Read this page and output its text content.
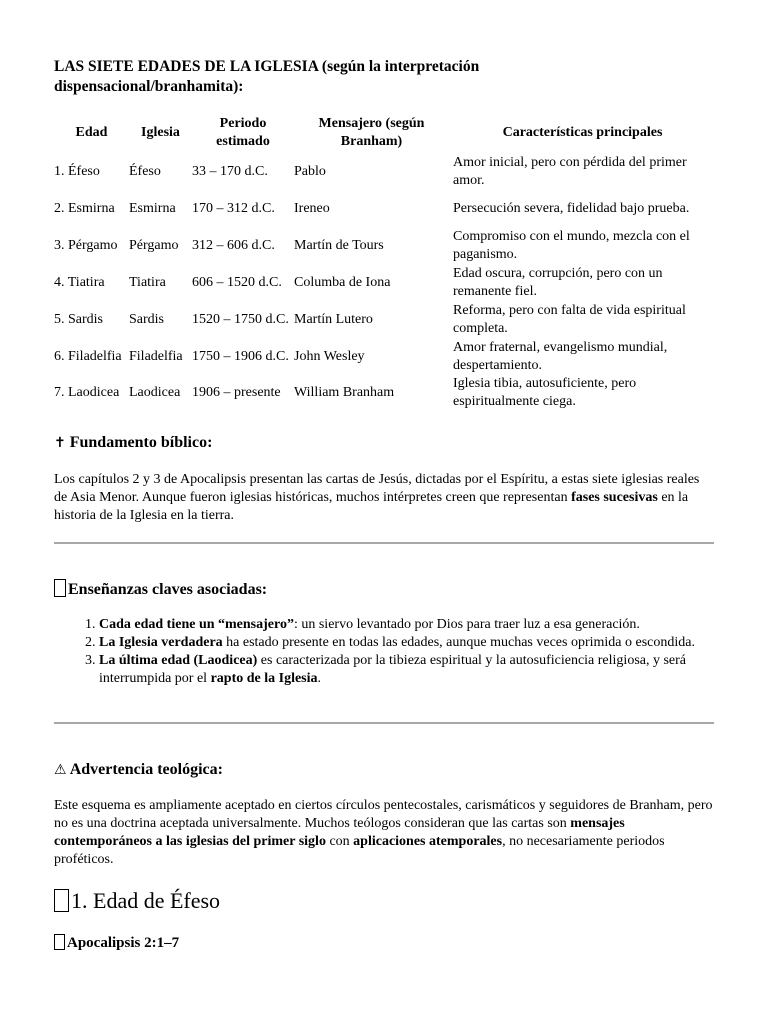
LAS SIETE EDADES DE LA IGLESIA (según la interpretación dispensacional/branhamita):
Edad	Iglesia	Periodo estimado	Mensajero (según Branham)	Características principales
1. Éfeso	Éfeso	33 – 170 d.C.	Pablo	Amor inicial, pero con pérdida del primer amor.
2. Esmirna	Esmirna	170 – 312 d.C.	Ireneo	Persecución severa, fidelidad bajo prueba.
3. Pérgamo	Pérgamo	312 – 606 d.C.	Martín de Tours	Compromiso con el mundo, mezcla con el paganismo.
4. Tiatira	Tiatira	606 – 1520 d.C.	Columba de Iona	Edad oscura, corrupción, pero con un remanente fiel.
5. Sardis	Sardis	1520 – 1750 d.C.	Martín Lutero	Reforma, pero con falta de vida espiritual completa.
6. Filadelfia	Filadelfia	1750 – 1906 d.C.	John Wesley	Amor fraternal, evangelismo mundial, despertamiento.
7. Laodicea	Laodicea	1906 – presente	William Branham	Iglesia tibia, autosuficiente, pero espiritualmente ciega.
✝ Fundamento bíblico:

Los capítulos 2 y 3 de Apocalipsis presentan las cartas de Jesús, dictadas por el Espíritu, a estas siete iglesias reales de Asia Menor. Aunque fueron iglesias históricas, muchos intérpretes creen que representan fases sucesivas en la historia de la Iglesia en la tierra.

Enseñanzas claves asociadas:
1. Cada edad tiene un “mensajero”: un siervo levantado por Dios para traer luz a esa generación.
2. La Iglesia verdadera ha estado presente en todas las edades, aunque muchas veces oprimida o escondida.
3. La última edad (Laodicea) es caracterizada por la tibieza espiritual y la autosuficiencia religiosa, y será interrumpida por el rapto de la Iglesia.
⚠ Advertencia teológica:

Este esquema es ampliamente aceptado en ciertos círculos pentecostales, carismáticos y seguidores de Branham, pero no es una doctrina aceptada universalmente. Muchos teólogos consideran que las cartas son mensajes contemporáneos a las iglesias del primer siglo con aplicaciones atemporales, no necesariamente periodos proféticos.

1. Edad de Éfeso
Apocalipsis 2:1–7
